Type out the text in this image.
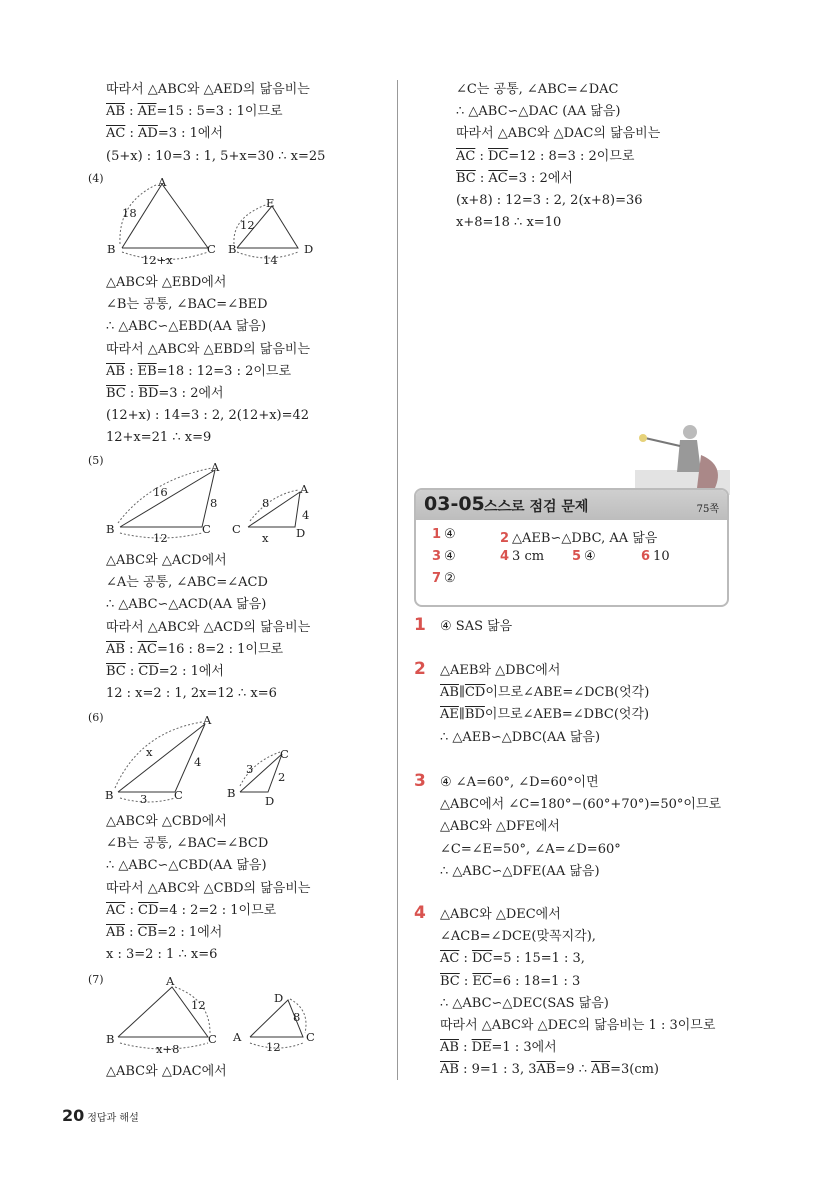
따라서 △ABC와 △AED의 닮음비는
$\overline{AB}$ : $\overline{AE}=15$ : 5=3 : 1이므로
$\overline{AC}$ : $\overline{AD}=3$ : 1에서
(5+x) : 10=3 : 1, 5+x=30 ∴ x=25
(4)
△ABC와 △EBD에서
∠B는 공통, ∠BAC=∠BED
∴ △ABC∽△EBD(AA 닮음)
따라서 △ABC와 △EBD의 닮음비는
$\overline{AB}$ : $\overline{EB}=18$ : 12=3 : 2이므로
$\overline{BC}$ : $\overline{BD}=3$ : 2에서
(12+x) : 14=3 : 2, 2(12+x)=42
12+x=21 ∴ x=9
(5)
△ABC와 △ACD에서
∠A는 공통, ∠ABC=∠ACD
∴ △ABC∽△ACD(AA 닮음)
따라서 △ABC와 △ACD의 닮음비는
$\overline{AB}$ : $\overline{AC}=16$ : 8=2 : 1이므로
$\overline{BC}$ : $\overline{CD}=2$ : 1에서
12 : x=2 : 1, 2x=12 ∴ x=6
(6)
△ABC와 △CBD에서
∠B는 공통, ∠BAC=∠BCD
∴ △ABC∽△CBD(AA 닮음)
따라서 △ABC와 △CBD의 닮음비는
$\overline{AC}$ : $\overline{CD}=4$ : 2=2 : 1이므로
$\overline{AB}$ : $\overline{CB}=2$ : 1에서
x : 3=2 : 1 ∴ x=6
(7)
△ABC와 △DAC에서
∠C는 공통, ∠ABC=∠DAC
∴ △ABC∽△DAC (AA 닮음)
따라서 △ABC와 △DAC의 닮음비는
$\overline{AC}$ : $\overline{DC}=12$ : 8=3 : 2이므로
$\overline{BC}$ : $\overline{AC}=3$ : 2에서
(x+8) : 12=3 : 2, 2(x+8)=36
x+8=18 ∴ x=10
03-05 스스로 점검 문제	75쪽
1 ④	2 △AEB∽△DBC, AA 닮음
3 ④	4 3 cm 5 ④	6 10
7 ②
1 ④ SAS 닮음
2 △AEB와 △DBC에서
$\overline{AB}\parallel\overline{CD}$이므로∠ABE=∠DCB(엇각)
$\overline{AE}\parallel\overline{BD}$이므로∠AEB=∠DBC(엇각)
∴ △AEB∽△DBC(AA 닮음)
3 ④ ∠A=60°, ∠D=60°이면
△ABC에서 ∠C=180°−(60°+70°)=50°이므로
△ABC와 △DFE에서
∠C=∠E=50°, ∠A=∠D=60°
∴ △ABC∽△DFE(AA 닮음)
4 △ABC와 △DEC에서
∠ACB=∠DCE(맞꼭지각),
$\overline{AC}$ : $\overline{DC}=5$ : 15=1 : 3,
$\overline{BC}$ : $\overline{EC}=6$ : 18=1 : 3
∴ △ABC∽△DEC(SAS 닮음)
따라서 △ABC와 △DEC의 닮음비는 1 : 3이므로
$\overline{AB}$ : $\overline{DE}=1$ : 3에서
$\overline{AB}$ : 9=1 : 3, $3\overline{AB}=9$ ∴ $\overline{AB}=3(cm)$
20 정답과 해설
A
B	C
18
12+x
E
B	D
12
14
A
B	C
16
8
12
A
C	D
8
4
x
A
B	C
x
4
3
C
B
D
3
2
A
B	C
12
x+8
D
A	C
8
12
